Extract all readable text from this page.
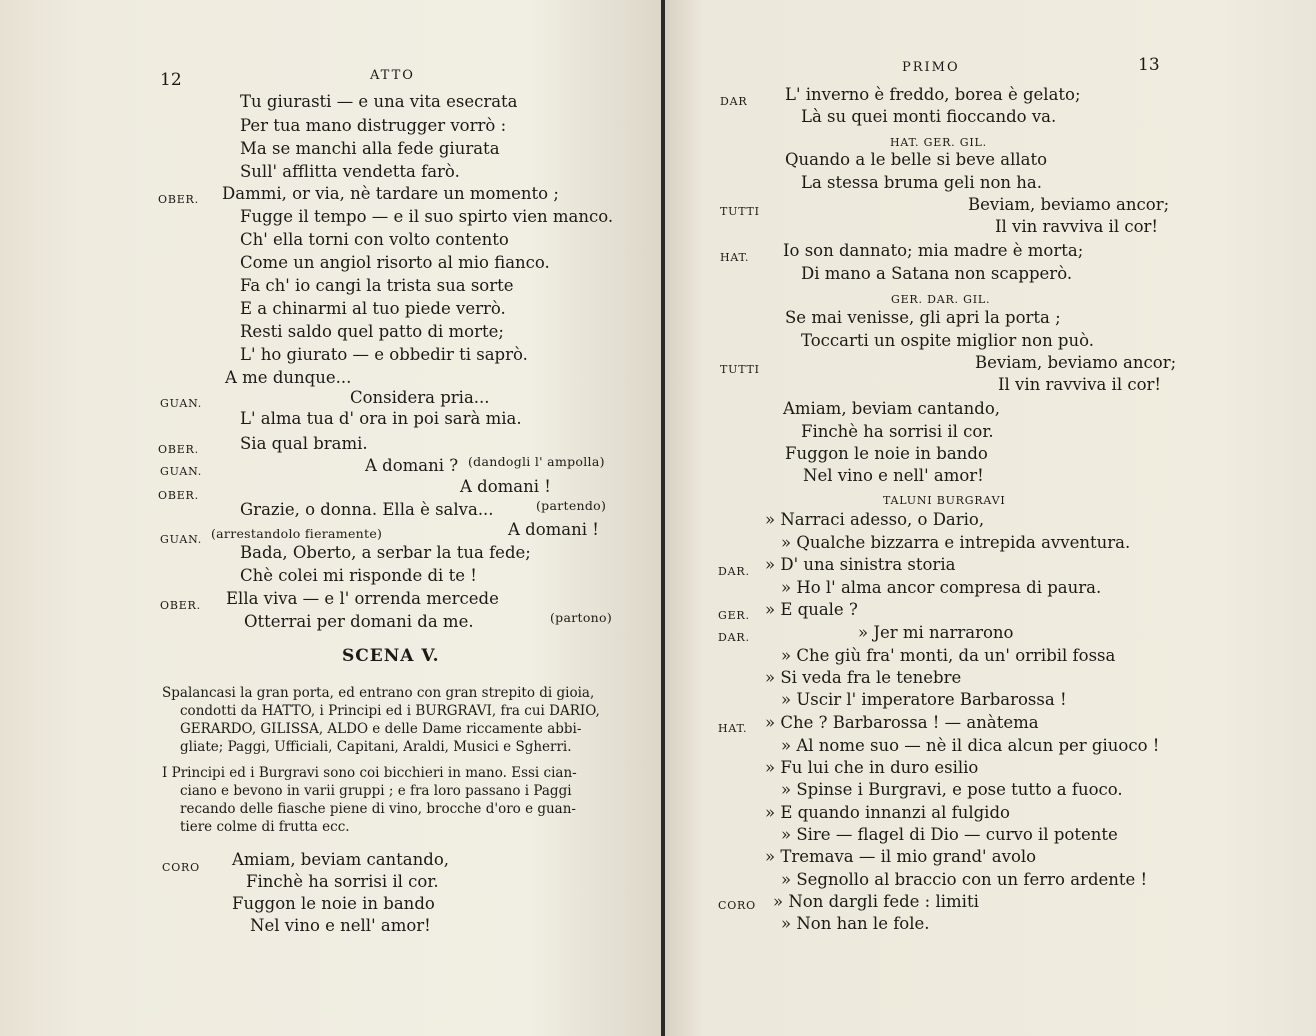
12	ATTO
Tu giurasti — e una vita esecrata
Per tua mano distrugger vorrò :
Ma se manchi alla fede giurata
Sull' afflitta vendetta farò.
OBER. Dammi, or via, nè tardare un momento ;
Fugge il tempo — e il suo spirto vien manco.
Ch' ella torni con volto contento
Come un angiol risorto al mio fianco.
Fa ch' io cangi la trista sua sorte
E a chinarmi al tuo piede verrò.
Resti saldo quel patto di morte;
L' ho giurato — e obbedir ti saprò.
A me dunque...
GUAN.	Considera pria...
L' alma tua d' ora in poi sarà mia.
OBER. Sia qual brami.
GUAN.	A domani ? (dandogli l' ampolla)
OBER.	A domani !
Grazie, o donna. Ella è salva...	(partendo)
GUAN. (arrestandolo fieramente)	A domani !
Bada, Oberto, a serbar la tua fede;
Chè colei mi risponde di te !
OBER. Ella viva — e l' orrenda mercede
Otterrai per domani da me.	(partono)
SCENA V.
Spalancasi la gran porta, ed entrano con gran strepito di gioia,
condotti da HATTO, i Principi ed i BURGRAVI, fra cui DARIO,
GERARDO, GILISSA, ALDO e delle Dame riccamente abbi-
gliate; Paggi, Ufficiali, Capitani, Araldi, Musici e Sgherri.
I Principi ed i Burgravi sono coi bicchieri in mano. Essi cian-
ciano e bevono in varii gruppi ; e fra loro passano i Paggi
recando delle fiasche piene di vino, brocche d'oro e guan-
tiere colme di frutta ecc.
CORO Amiam, beviam cantando,
Finchè ha sorrisi il cor.
Fuggon le noie in bando
Nel vino e nell' amor!
PRIMO	13
DAR L' inverno è freddo, borea è gelato;
Là su quei monti fioccando va.
HAT. GER. GIL.
Quando a le belle si beve allato
La stessa bruma geli non ha.
TUTTI	Beviam, beviamo ancor;
Il vin ravviva il cor!
HAT. Io son dannato; mia madre è morta;
Di mano a Satana non scapperò.
GER. DAR. GIL.
Se mai venisse, gli apri la porta ;
Toccarti un ospite miglior non può.
TUTTI	Beviam, beviamo ancor;
Il vin ravviva il cor!
Amiam, beviam cantando,
Finchè ha sorrisi il cor.
Fuggon le noie in bando
Nel vino e nell' amor!
TALUNI BURGRAVI
» Narraci adesso, o Dario,
» Qualche bizzarra e intrepida avventura.
DAR. » D' una sinistra storia
» Ho l' alma ancor compresa di paura.
GER. » E quale ?
DAR.	» Jer mi narrarono
» Che giù fra' monti, da un' orribil fossa
» Si veda fra le tenebre
» Uscir l' imperatore Barbarossa !
HAT. » Che ? Barbarossa ! — anàtema
» Al nome suo — nè il dica alcun per giuoco !
» Fu lui che in duro esilio
» Spinse i Burgravi, e pose tutto a fuoco.
» E quando innanzi al fulgido
» Sire — flagel di Dio — curvo il potente
» Tremava — il mio grand' avolo
» Segnollo al braccio con un ferro ardente !
CORO » Non dargli fede : limiti
» Non han le fole.
